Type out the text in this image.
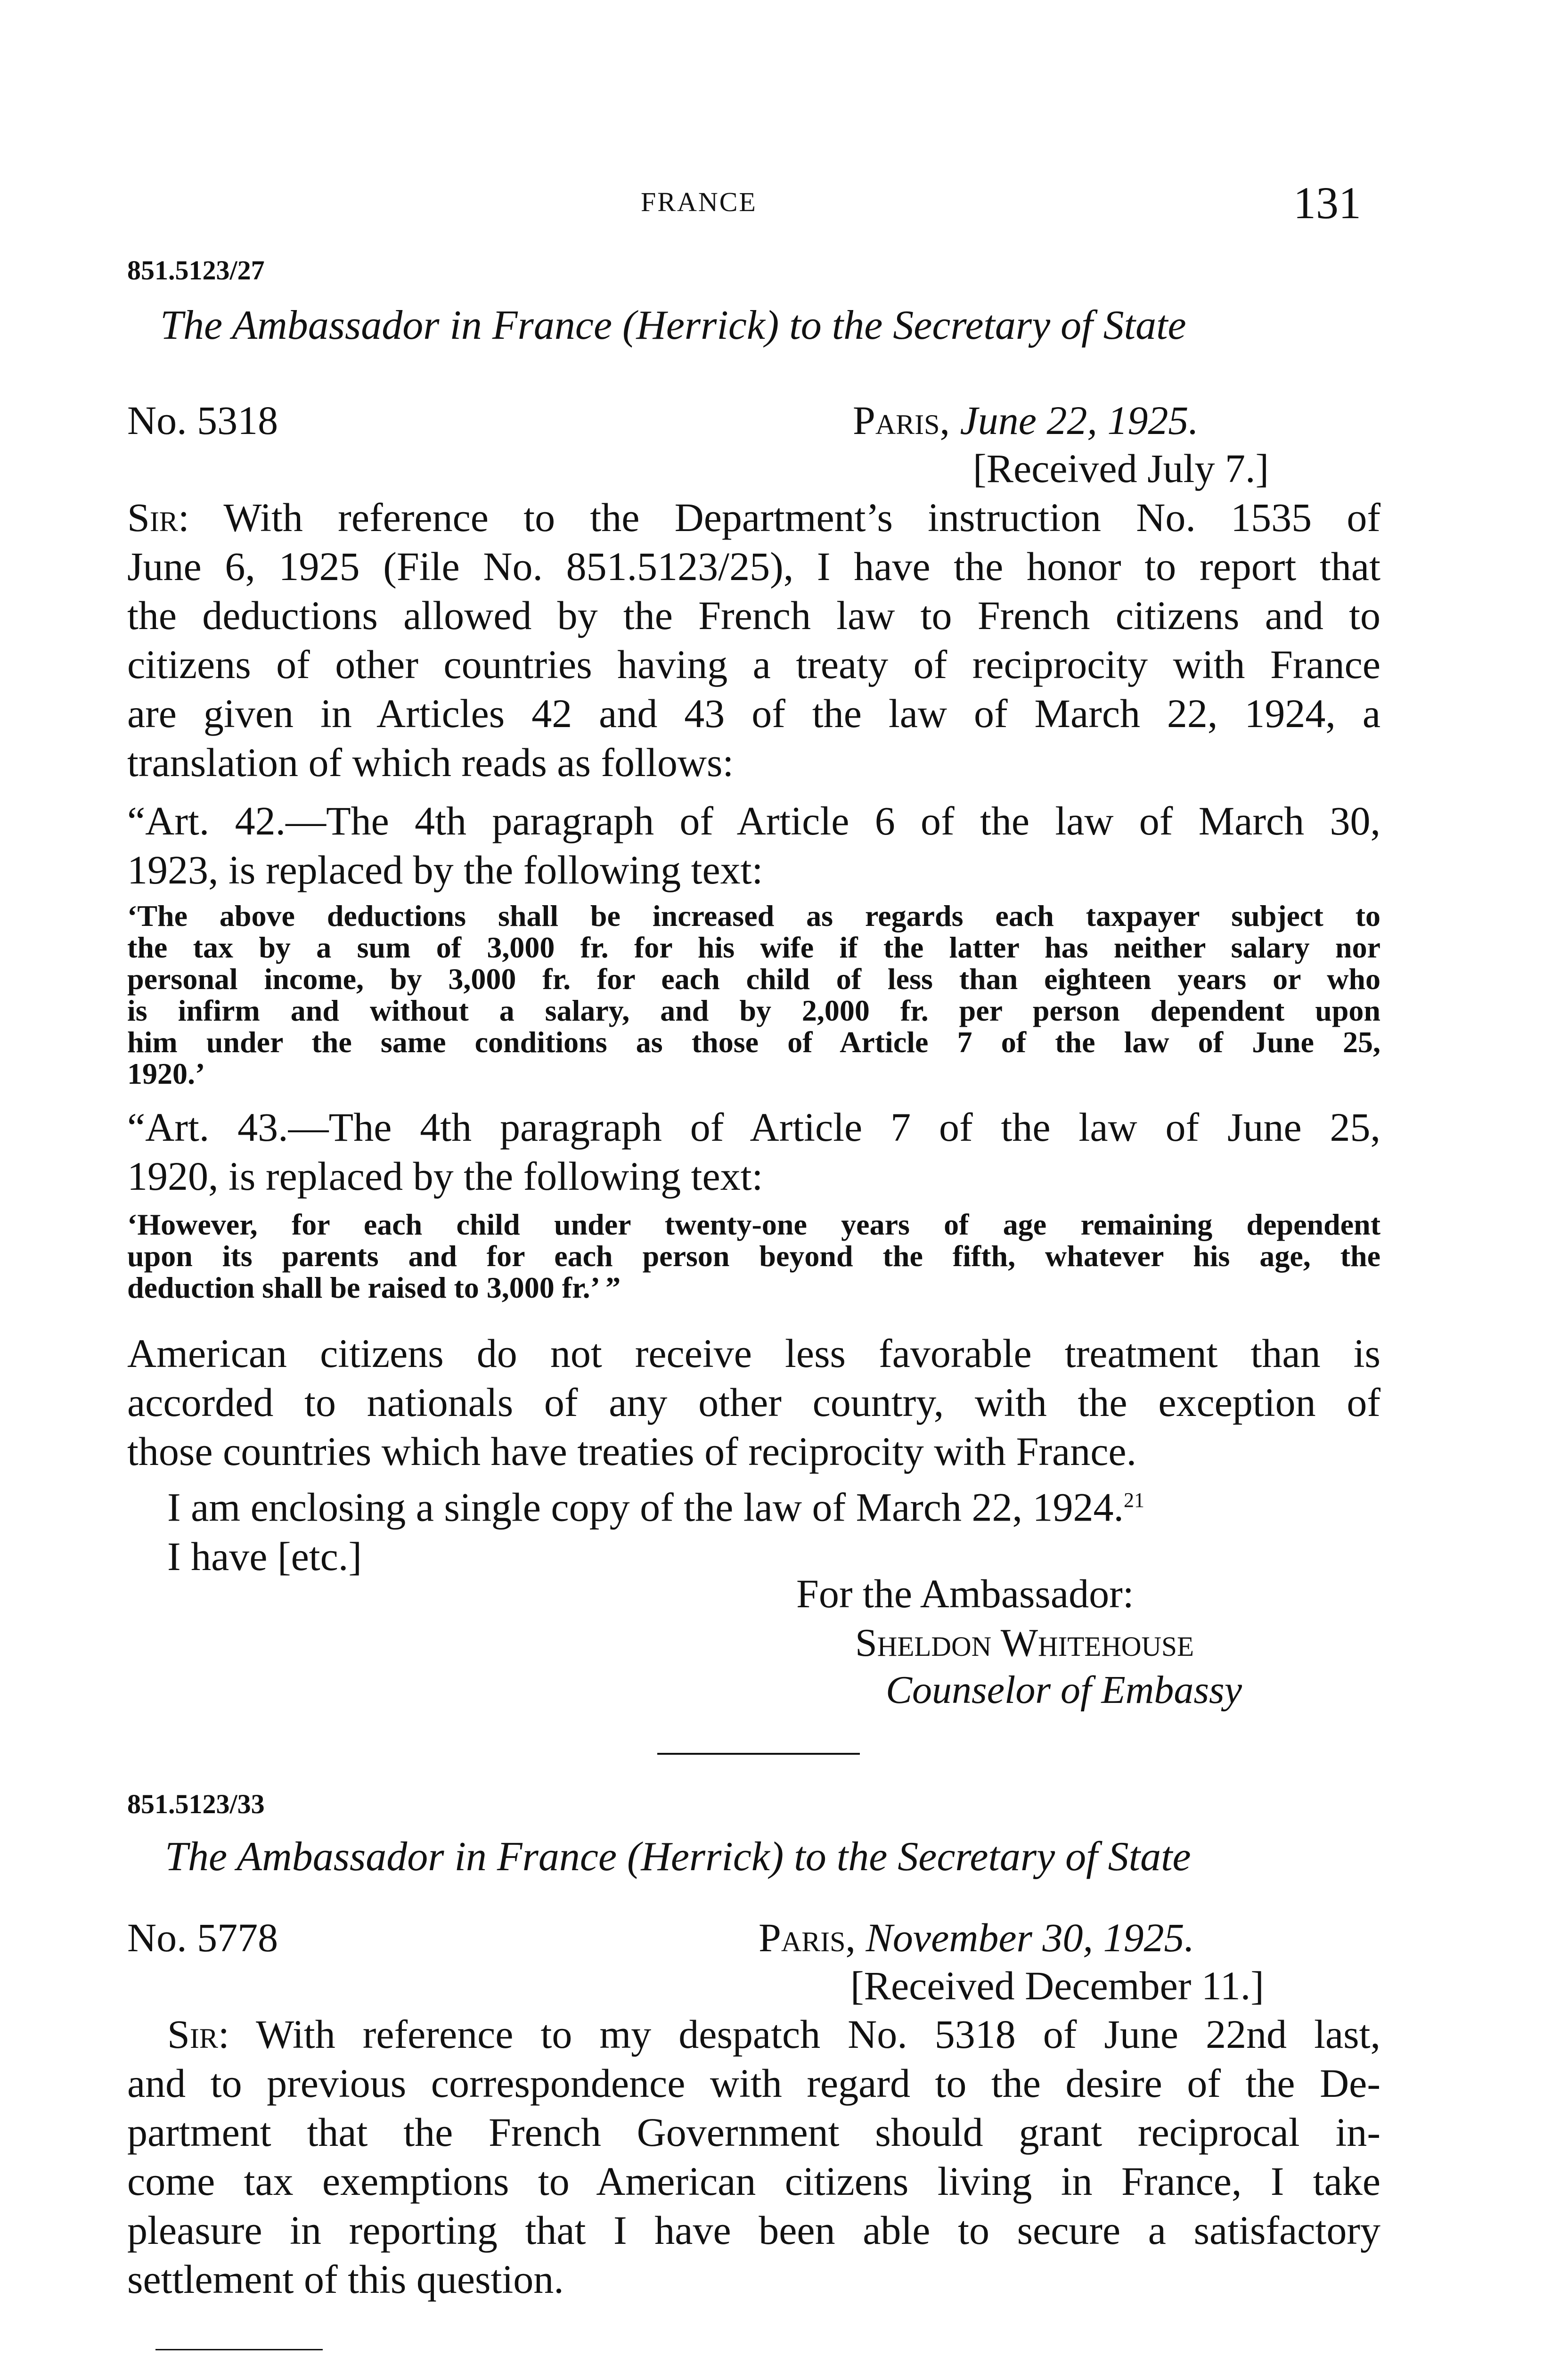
FRANCE	131
851.5123/27
The Ambassador in France (Herrick) to the Secretary of State
No. 5318	Paris, June 22, 1925.
[Received July 7.]
Sir: With reference to the Department’s instruction No. 1535 of
June 6, 1925 (File No. 851.5123/25), I have the honor to report that
the deductions allowed by the French law to French citizens and to
citizens of other countries having a treaty of reciprocity with France
are given in Articles 42 and 43 of the law of March 22, 1924, a
translation of which reads as follows:
“Art. 42.—The 4th paragraph of Article 6 of the law of March 30,
1923, is replaced by the following text:
‘The above deductions shall be increased as regards each taxpayer subject to
the tax by a sum of 3,000 fr. for his wife if the latter has neither salary nor
personal income, by 3,000 fr. for each child of less than eighteen years or who
is infirm and without a salary, and by 2,000 fr. per person dependent upon
him under the same conditions as those of Article 7 of the law of June 25,
1920.’
“Art. 43.—The 4th paragraph of Article 7 of the law of June 25,
1920, is replaced by the following text:
‘However, for each child under twenty-one years of age remaining dependent
upon its parents and for each person beyond the fifth, whatever his age, the
deduction shall be raised to 3,000 fr.’ ”
American citizens do not receive less favorable treatment than is
accorded to nationals of any other country, with the exception of
those countries which have treaties of reciprocity with France.
I am enclosing a single copy of the law of March 22, 1924.21
I have [etc.]
For the Ambassador:
Sheldon Whitehouse
Counselor of Embassy
851.5123/33
The Ambassador in France (Herrick) to the Secretary of State
No. 5778	Paris, November 30, 1925.
[Received December 11.]
Sir: With reference to my despatch No. 5318 of June 22nd last,
and to previous correspondence with regard to the desire of the De-
partment that the French Government should grant reciprocal in-
come tax exemptions to American citizens living in France, I take
pleasure in reporting that I have been able to secure a satisfactory
settlement of this question.
